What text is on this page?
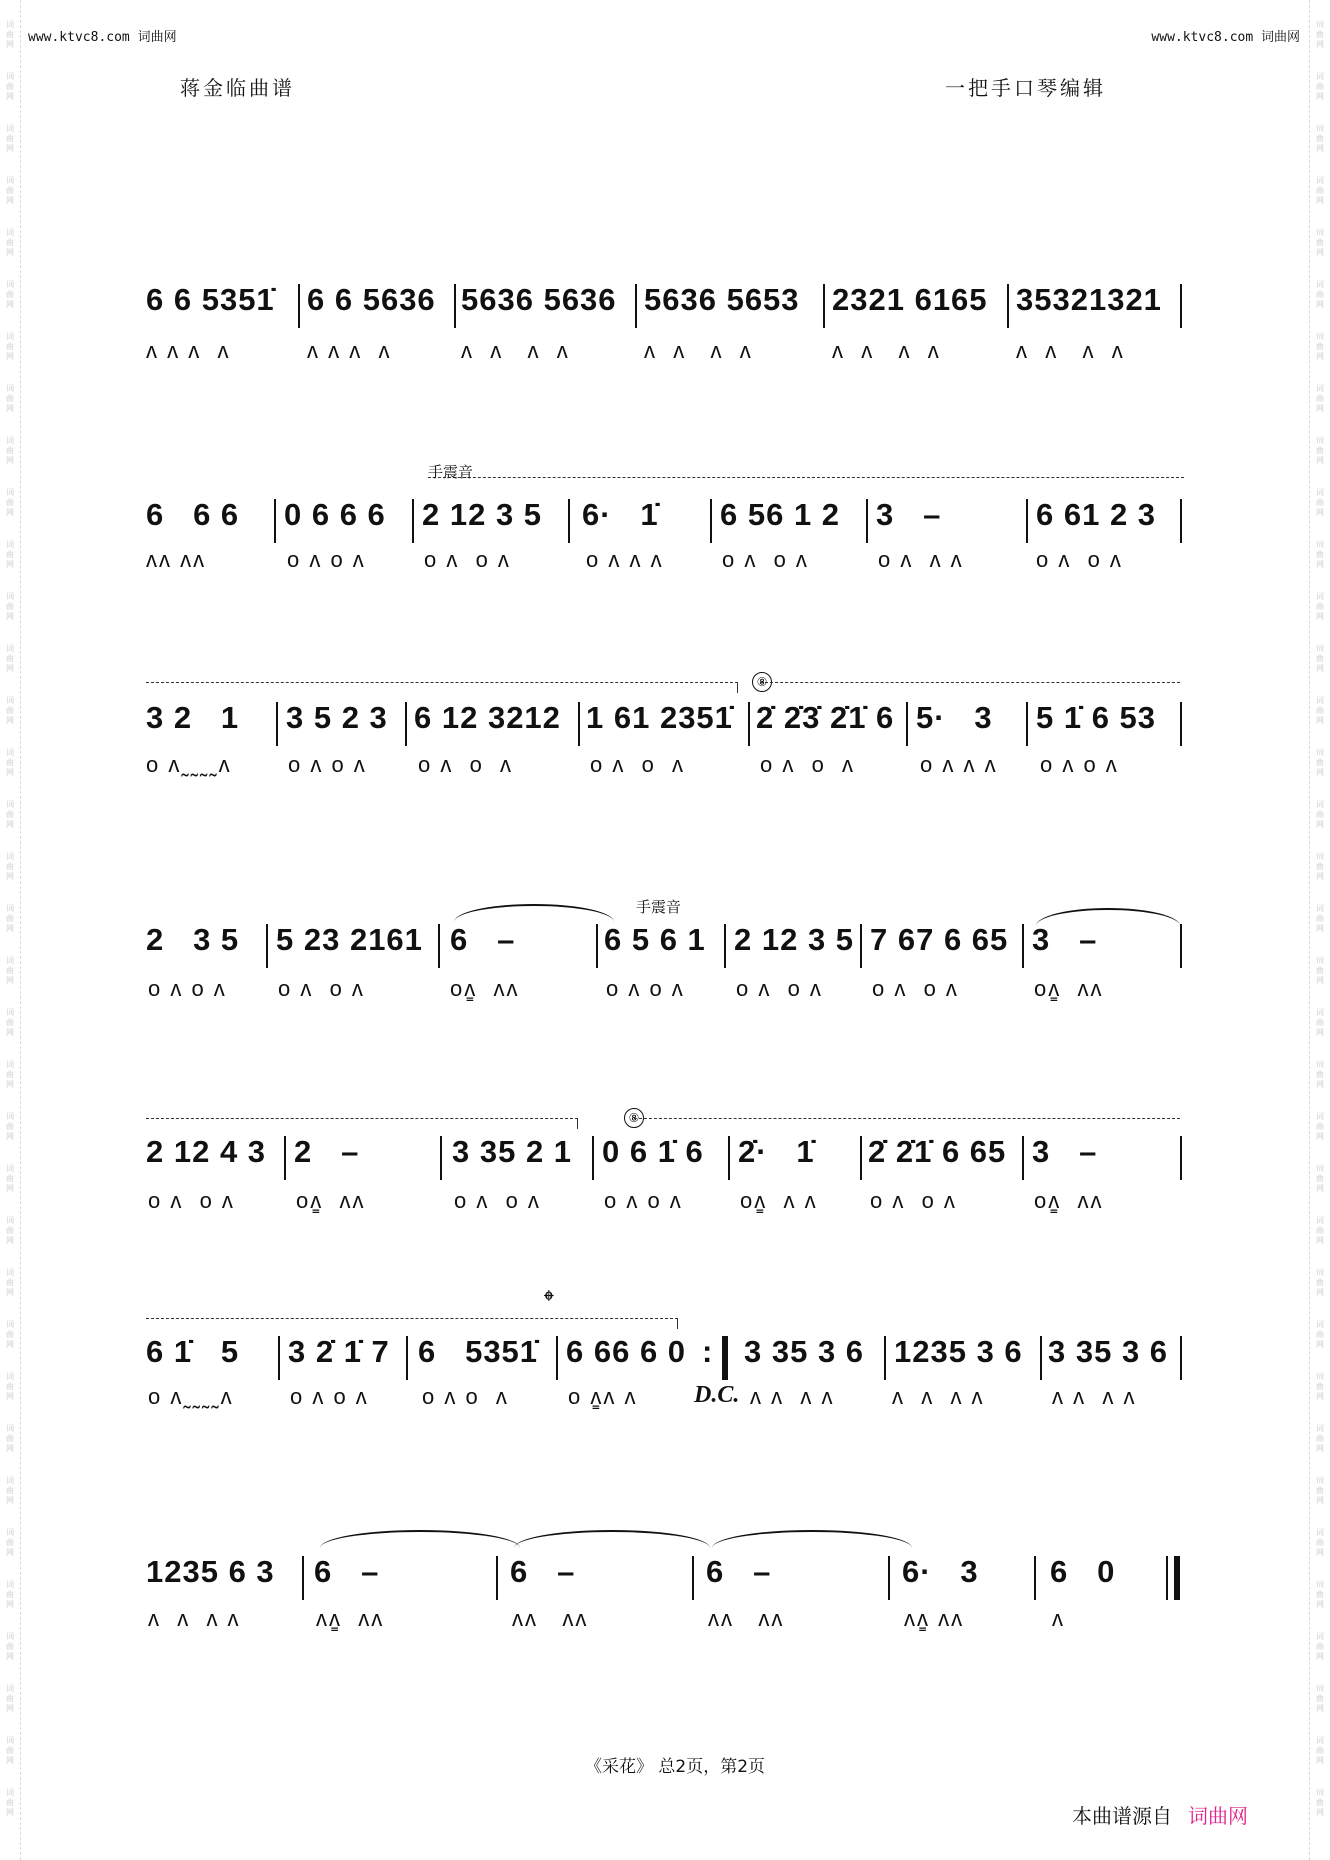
词曲网
词曲网
词曲网
词曲网
词曲网
词曲网
词曲网
词曲网
词曲网
词曲网
词曲网
词曲网
词曲网
词曲网
词曲网
词曲网
词曲网
词曲网
词曲网
词曲网
词曲网
词曲网
词曲网
词曲网
词曲网
词曲网
词曲网
词曲网
词曲网
词曲网
词曲网
词曲网
词曲网
词曲网
词曲网
词曲网
词曲网
词曲网
词曲网
词曲网
词曲网
词曲网
词曲网
词曲网
词曲网
词曲网
词曲网
词曲网
词曲网
词曲网
词曲网
词曲网
词曲网
词曲网
词曲网
词曲网
词曲网
词曲网
词曲网
词曲网
词曲网
词曲网
词曲网
词曲网
词曲网
词曲网
词曲网
词曲网
词曲网
词曲网
www.ktvc8.com 词曲网	www.ktvc8.com 词曲网
蒋金临曲谱	一把手口琴编辑
6 6 5351̇ 6 6 5636 5636 5636 5636 5653 2321 6165 35321321
ʌ ʌ ʌ  ʌ	ʌ ʌ ʌ  ʌ	ʌ  ʌ   ʌ  ʌ	ʌ  ʌ   ʌ  ʌ	ʌ  ʌ   ʌ  ʌ	ʌ  ʌ   ʌ  ʌ
手震音
6   6 6 0 6 6 6 2 12 3 5 6·   1̇ 6 56 1 2 3   –	6 61 2 3
ʌʌ ʌʌ	o ʌ o ʌ	o ʌ  o ʌ	o ʌ ʌ ʌ	o ʌ  o ʌ	o ʌ  ʌ ʌ	o ʌ  o ʌ
⑧
3 2   1 3 5 2 3 6 12 3212 1 61 2351̇ 2̇ 2̇3̇ 2̇1̇ 6 5·   3 5 1̇ 6 53
o ʌ˷˷˷˷ʌ	o ʌ o ʌ o ʌ  o  ʌ	o ʌ  o  ʌ	o ʌ  o  ʌ	o ʌ ʌ ʌ o ʌ o ʌ
手震音
2   3 5 5 23 2161 6   –	6 5 6 1 2 12 3 5 7 67 6 65 3   –
o ʌ o ʌ o ʌ  o ʌ	oʌ̳  ʌʌ	o ʌ o ʌ o ʌ  o ʌ o ʌ  o ʌ	oʌ̳  ʌʌ
⑧
2 12 4 3 2   –	3 35 2 1 0 6 1̇ 6 2̇·   1̇ 2̇ 2̇1̇ 6 65 3   –
o ʌ  o ʌ	oʌ̳  ʌʌ	o ʌ  o ʌ	o ʌ o ʌ	oʌ̳  ʌ ʌ o ʌ  o ʌ	oʌ̳  ʌʌ
𝄌
6 1̇   5 3 2̇ 1̇ 7 6   5351̇ 6 66 6 0 : 3 35 3 6 1235 3 6 3 35 3 6
o ʌ˷˷˷˷ʌ	o ʌ o ʌ o ʌ o  ʌ	o ʌ̳ʌ ʌ D.C. ʌ ʌ  ʌ ʌ	ʌ  ʌ  ʌ ʌ	ʌ ʌ  ʌ ʌ
1235 6 3 6   –	6   –	6   –	6·   3 6   0
ʌ  ʌ  ʌ ʌ	ʌʌ̳  ʌʌ	ʌʌ   ʌʌ	ʌʌ   ʌʌ	ʌʌ̳ ʌʌ	ʌ
《采花》 总2页，第2页
本曲谱源自 词曲网
